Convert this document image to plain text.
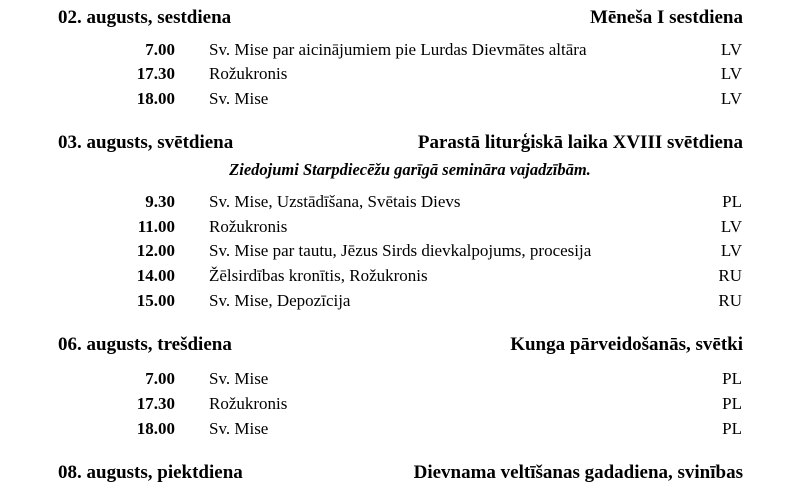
02. augusts, sestdiena	Mēneša I sestdiena
7.00 Sv. Mise par aicinājumiem pie Lurdas Dievmātes altāra	LV
17.30 Rožukronis	LV
18.00 Sv. Mise	LV
03. augusts, svētdiena	Parastā liturģiskā laika XVIII svētdiena
Ziedojumi Starpdiecēžu garīgā semināra vajadzībām.
9.30 Sv. Mise, Uzstādīšana, Svētais Dievs	PL
11.00 Rožukronis	LV
12.00 Sv. Mise par tautu, Jēzus Sirds dievkalpojums, procesija	LV
14.00 Žēlsirdības kronītis, Rožukronis	RU
15.00 Sv. Mise, Depozīcija	RU
06. augusts, trešdiena	Kunga pārveidošanās, svētki
7.00 Sv. Mise	PL
17.30 Rožukronis	PL
18.00 Sv. Mise	PL
08. augusts, piektdiena	Dievnama veltīšanas gadadiena, svinības
